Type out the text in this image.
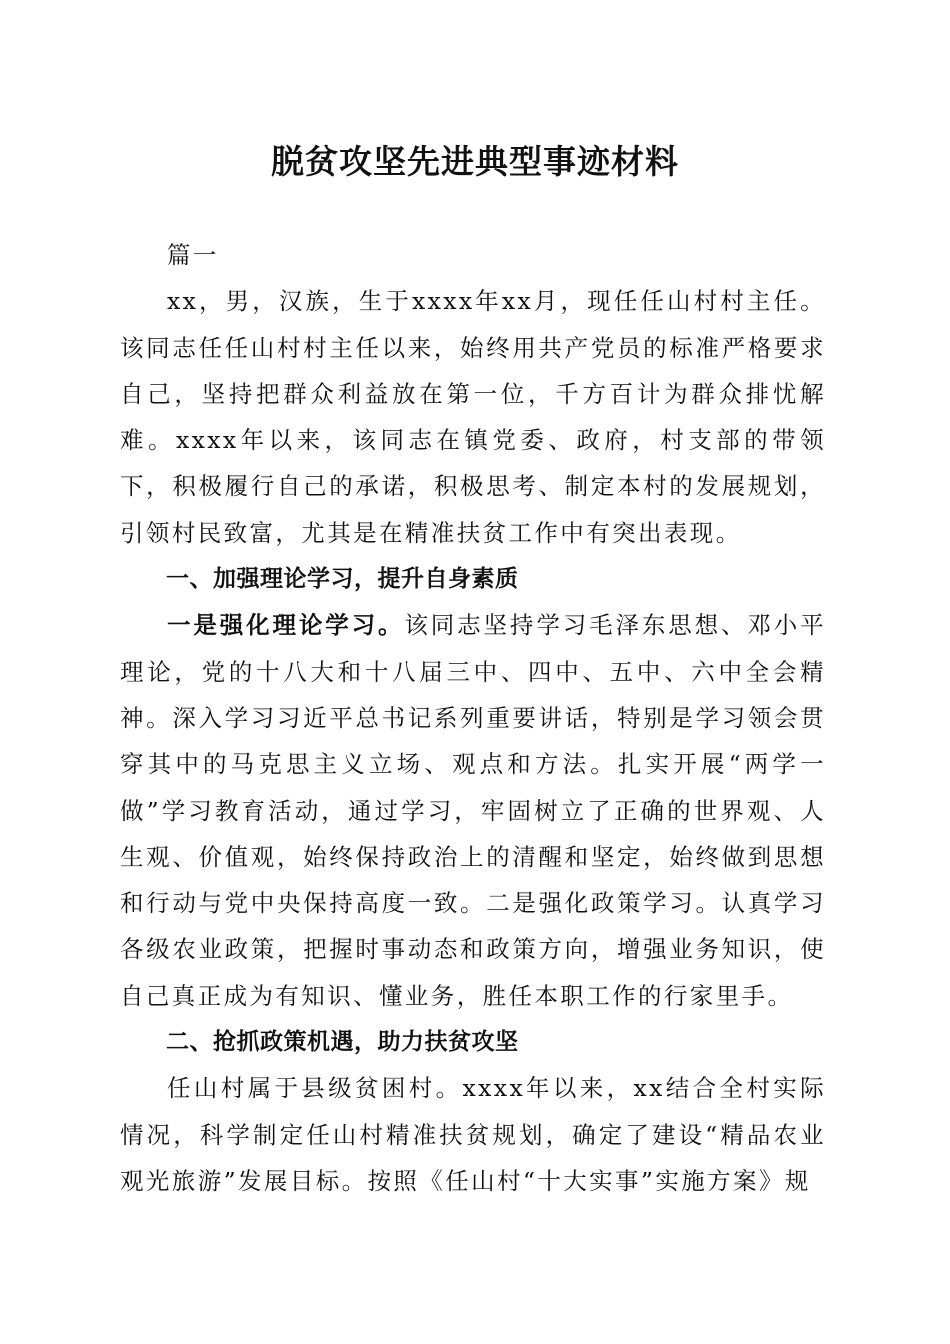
脱贫攻坚先进典型事迹材料

篇一

xx，男，汉族，生于xxxx年xx月，现任任山村村主任。该同志任任山村村主任以来，始终用共产党员的标准严格要求自己，坚持把群众利益放在第一位，千方百计为群众排忧解难。xxxx年以来，该同志在镇党委、政府，村支部的带领下，积极履行自己的承诺，积极思考、制定本村的发展规划，引领村民致富，尤其是在精准扶贫工作中有突出表现。

一、加强理论学习，提升自身素质

一是强化理论学习。该同志坚持学习毛泽东思想、邓小平理论，党的十八大和十八届三中、四中、五中、六中全会精神。深入学习习近平总书记系列重要讲话，特别是学习领会贯穿其中的马克思主义立场、观点和方法。扎实开展“两学一做”学习教育活动，通过学习，牢固树立了正确的世界观、人生观、价值观，始终保持政治上的清醒和坚定，始终做到思想和行动与党中央保持高度一致。二是强化政策学习。认真学习各级农业政策，把握时事动态和政策方向，增强业务知识，使自己真正成为有知识、懂业务，胜任本职工作的行家里手。

二、抢抓政策机遇，助力扶贫攻坚

任山村属于县级贫困村。xxxx年以来，xx结合全村实际情况，科学制定任山村精准扶贫规划，确定了建设“精品农业观光旅游”发展目标。按照《任山村“十大实事”实施方案》规
